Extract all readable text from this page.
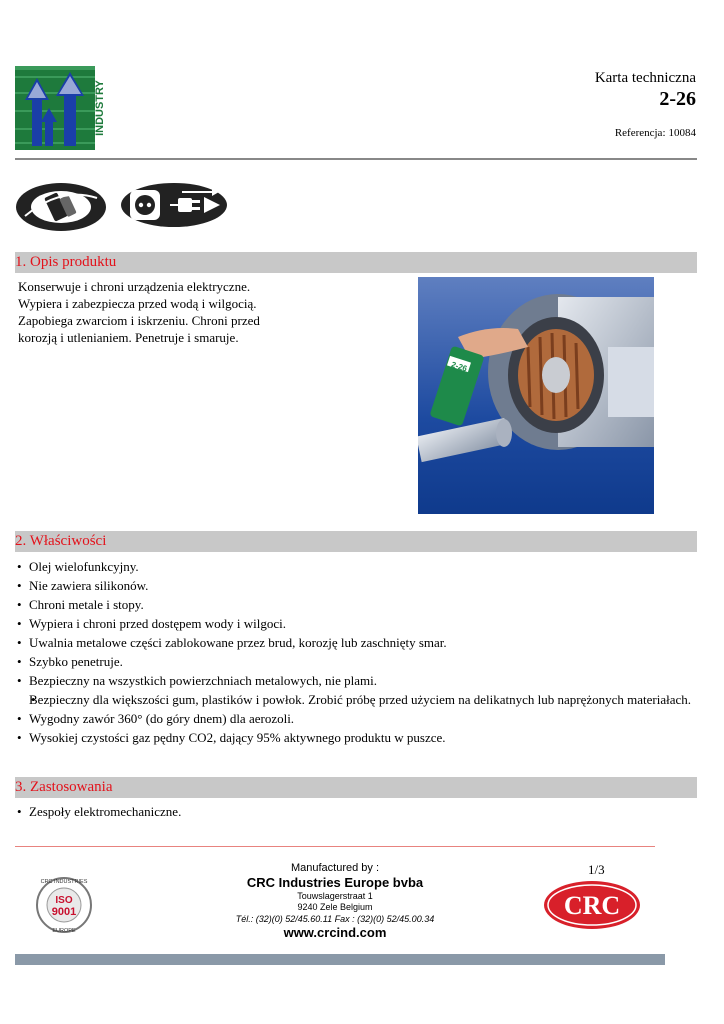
INDUSTRY
Karta techniczna
2-26
Referencja: 10084
1. Opis produktu
Konserwuje i chroni urządzenia elektryczne. Wypiera i zabezpiecza przed wodą i wilgocią. Zapobiega zwarciom i iskrzeniu. Chroni przed korozją i utlenianiem. Penetruje i smaruje.
2-26
2. Właściwości
• Olej wielofunkcyjny.
• Nie zawiera silikonów.
• Chroni metale i stopy.
• Wypiera i chroni przed dostępem wody i wilgoci.
• Uwalnia metalowe części zablokowane przez brud, korozję lub zaschnięty smar.
• Szybko penetruje.
• Bezpieczny na wszystkich powierzchniach metalowych, nie plami.
• Bezpieczny dla większości gum, plastików i powłok. Zrobić próbę przed użyciem na delikatnych lub naprężonych materiałach.
• Wygodny zawór 360° (do góry dnem) dla aerozoli.
• Wysokiej czystości gaz pędny CO2, dający 95% aktywnego produktu w puszce.
3. Zastosowania
• Zespoły elektromechaniczne.
CRC INDUSTRIES
ISO
9001
EUROPE
Manufactured by :
CRC Industries Europe bvba
Touwslagerstraat 1
9240 Zele Belgium
Tél.: (32)(0) 52/45.60.11 Fax : (32)(0) 52/45.00.34
www.crcind.com
1/3
CRC
